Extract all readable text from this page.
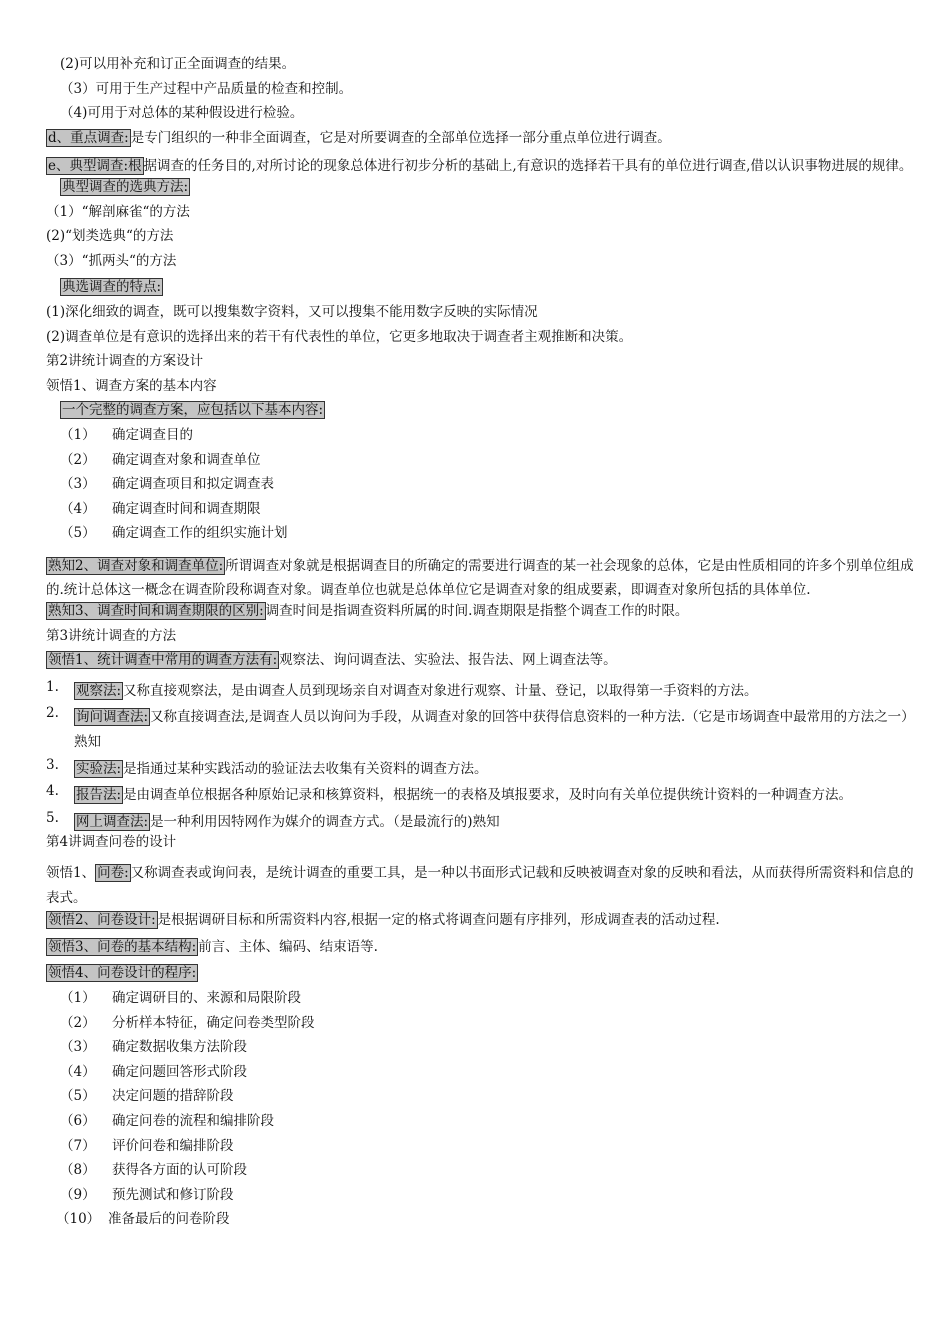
(2)可以用补充和订正全面调查的结果。
（3）可用于生产过程中产品质量的检查和控制。
（4)可用于对总体的某种假设进行检验。
d、重点调查: 是专门组织的一种非全面调查，它是对所要调查的全部单位选择一部分重点单位进行调查。
e、典型调查:根 据调查的任务目的,对所讨论的现象总体进行初步分析的基础上,有意识的选择若干具有的单位进行调查,借以认识事物进展的规律。
典型调查的选典方法:
（1）“解剖麻雀“的方法
(2)“划类选典“的方法
（3）“抓两头“的方法
典选调查的特点:
(1)深化细致的调查，既可以搜集数字资料，又可以搜集不能用数字反映的实际情况
(2)调查单位是有意识的选择出来的若干有代表性的单位，它更多地取决于调查者主观推断和决策。
第2讲统计调查的方案设计
领悟1、调查方案的基本内容
一个完整的调查方案，应包括以下基本内容:
（1） 确定调查目的
（2） 确定调查对象和调查单位
（3） 确定调查项目和拟定调查表
（4） 确定调查时间和调查期限
（5） 确定调查工作的组织实施计划
熟知2、调查对象和调查单位: 所谓调查对象就是根据调查目的所确定的需要进行调查的某一社会现象的总体，它是由性质相同的许多个别单位组成的.统计总体这一概念在调查阶段称调查对象。调查单位也就是总体单位它是调查对象的组成要素，即调查对象所包括的具体单位.
熟知3、调查时间和调查期限的区别: 调查时间是指调查资料所属的时间.调查期限是指整个调查工作的时限。
第3讲统计调查的方法
领悟1、统计调查中常用的调查方法有: 观察法、询问调查法、实验法、报告法、网上调查法等。
1.	观察法: 又称直接观察法，是由调查人员到现场亲自对调查对象进行观察、计量、登记，以取得第一手资料的方法。
2.	询问调查法: 又称直接调查法,是调查人员以询问为手段，从调查对象的回答中获得信息资料的一种方法.（它是市场调查中最常用的方法之一）熟知
3.	实验法: 是指通过某种实践活动的验证法去收集有关资料的调查方法。
4.	报告法: 是由调查单位根据各种原始记录和核算资料，根据统一的表格及填报要求，及时向有关单位提供统计资料的一种调查方法。
5.	网上调查法: 是一种利用因特网作为媒介的调查方式。（是最流行的)熟知
第4讲调查问卷的设计
领悟1、 问卷: 又称调查表或询问表，是统计调查的重要工具，是一种以书面形式记载和反映被调查对象的反映和看法，从而获得所需资料和信息的表式。
领悟2、问卷设计: 是根据调研目标和所需资料内容,根据一定的格式将调查问题有序排列，形成调查表的活动过程.
领悟3、问卷的基本结构: 前言、主体、编码、结束语等.
领悟4、问卷设计的程序:
（1） 确定调研目的、来源和局限阶段
（2） 分析样本特征，确定问卷类型阶段
（3） 确定数据收集方法阶段
（4） 确定问题回答形式阶段
（5） 决定问题的措辞阶段
（6） 确定问卷的流程和编排阶段
（7） 评价问卷和编排阶段
（8） 获得各方面的认可阶段
（9） 预先测试和修订阶段
（10） 准备最后的问卷阶段
